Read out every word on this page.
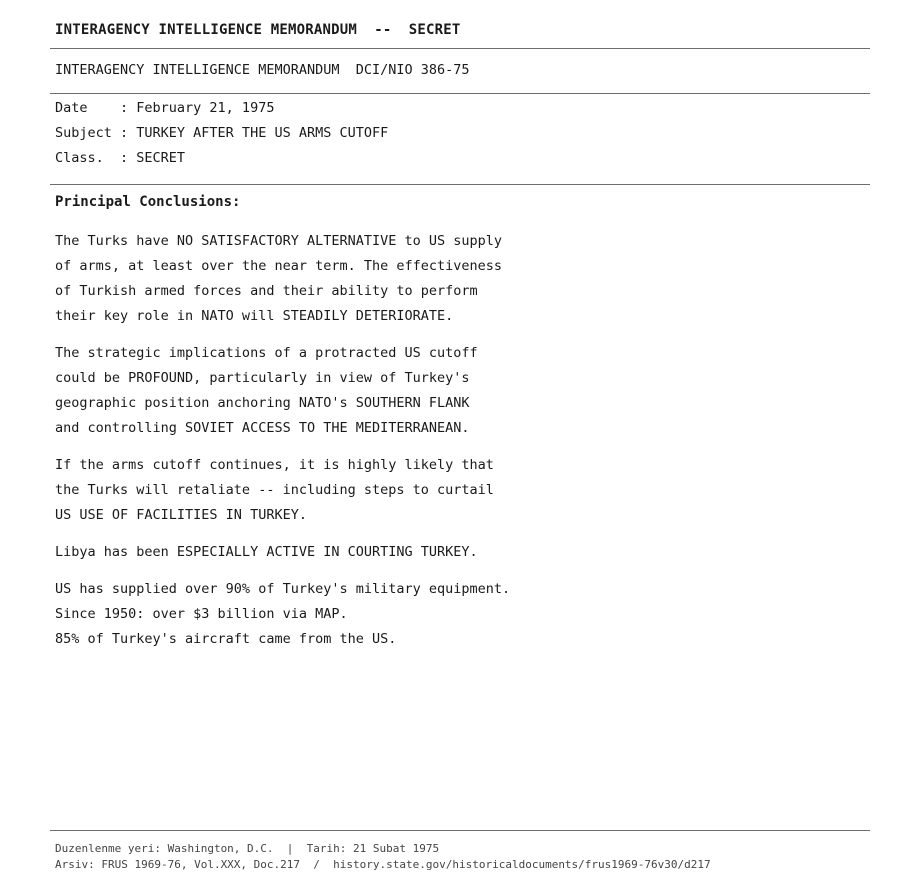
INTERAGENCY INTELLIGENCE MEMORANDUM  --  SECRET
INTERAGENCY INTELLIGENCE MEMORANDUM  DCI/NIO 386-75
Date    : February 21, 1975
Subject : TURKEY AFTER THE US ARMS CUTOFF
Class.  : SECRET
Principal Conclusions:
The Turks have NO SATISFACTORY ALTERNATIVE to US supply
of arms, at least over the near term. The effectiveness
of Turkish armed forces and their ability to perform
their key role in NATO will STEADILY DETERIORATE.
The strategic implications of a protracted US cutoff
could be PROFOUND, particularly in view of Turkey's
geographic position anchoring NATO's SOUTHERN FLANK
and controlling SOVIET ACCESS TO THE MEDITERRANEAN.
If the arms cutoff continues, it is highly likely that
the Turks will retaliate -- including steps to curtail
US USE OF FACILITIES IN TURKEY.
Libya has been ESPECIALLY ACTIVE IN COURTING TURKEY.
US has supplied over 90% of Turkey's military equipment.
Since 1950: over $3 billion via MAP.
85% of Turkey's aircraft came from the US.
Duzenlenme yeri: Washington, D.C.  |  Tarih: 21 Subat 1975
Arsiv: FRUS 1969-76, Vol.XXX, Doc.217  /  history.state.gov/historicaldocuments/frus1969-76v30/d217
